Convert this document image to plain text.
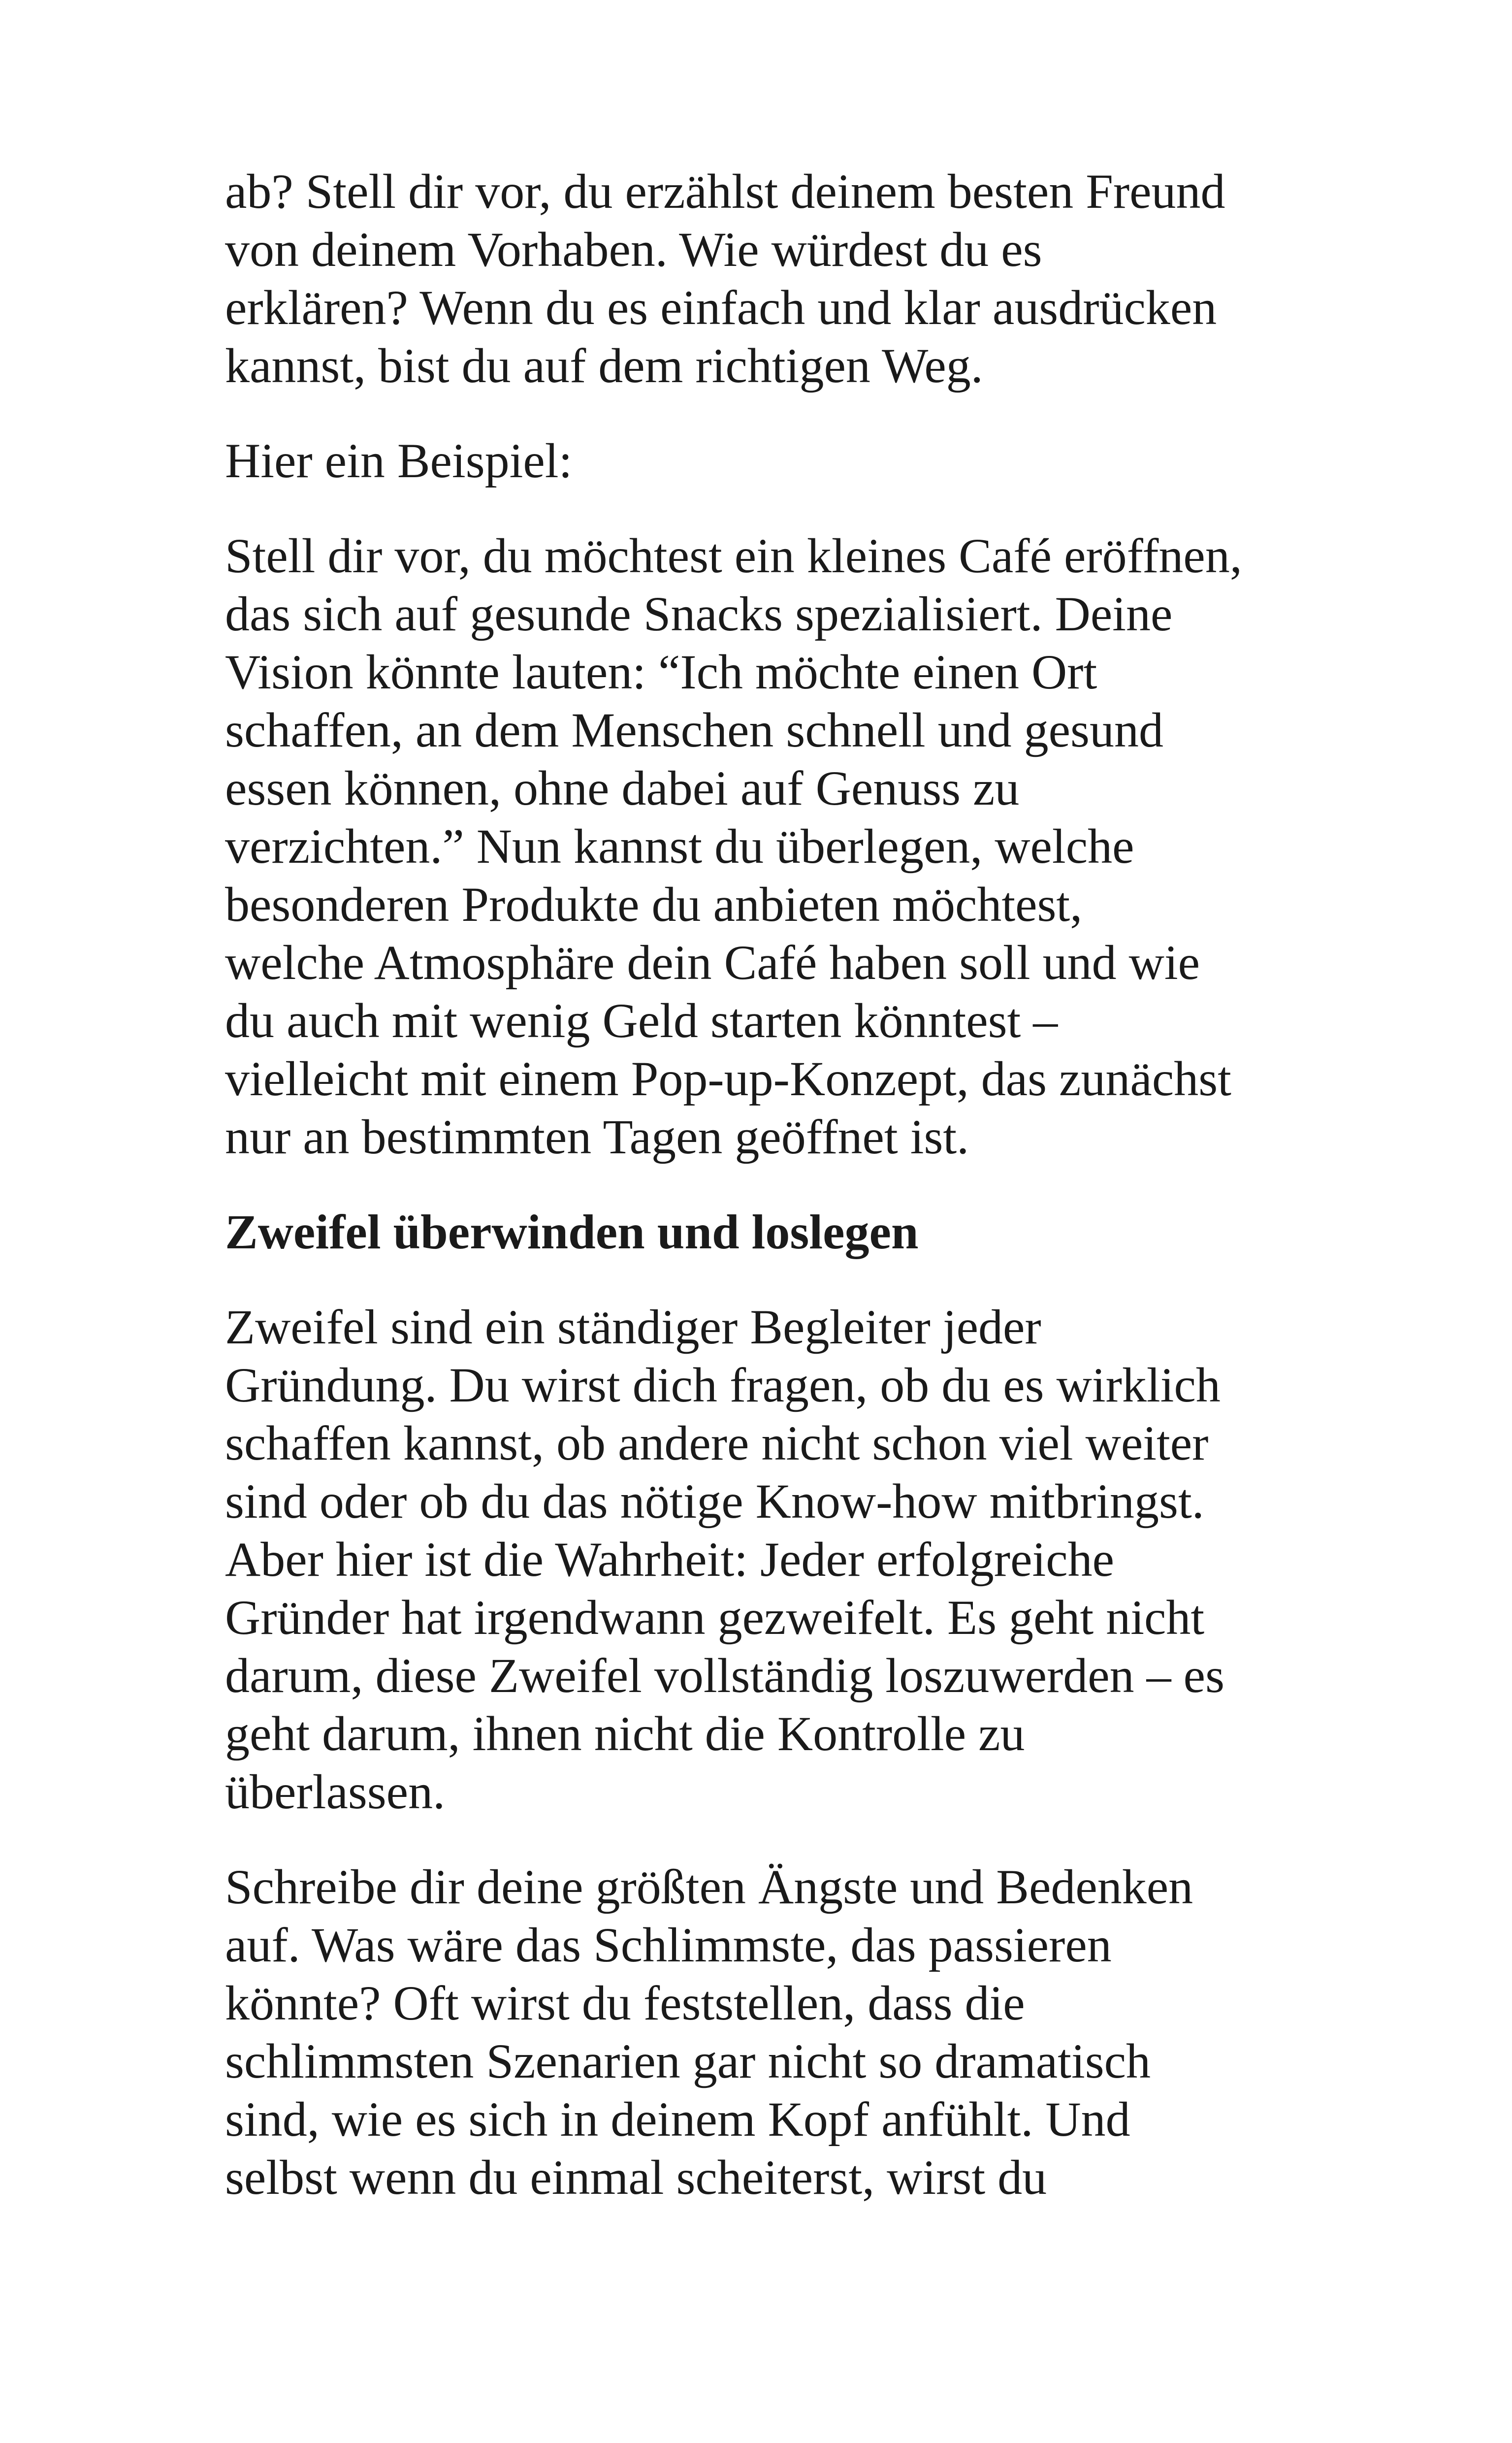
ab? Stell dir vor, du erzählst deinem besten Freund
von deinem Vorhaben. Wie würdest du es
erklären? Wenn du es einfach und klar ausdrücken
kannst, bist du auf dem richtigen Weg.

Hier ein Beispiel:

Stell dir vor, du möchtest ein kleines Café eröffnen,
das sich auf gesunde Snacks spezialisiert. Deine
Vision könnte lauten: “Ich möchte einen Ort
schaffen, an dem Menschen schnell und gesund
essen können, ohne dabei auf Genuss zu
verzichten.” Nun kannst du überlegen, welche
besonderen Produkte du anbieten möchtest,
welche Atmosphäre dein Café haben soll und wie
du auch mit wenig Geld starten könntest –
vielleicht mit einem Pop-up-Konzept, das zunächst
nur an bestimmten Tagen geöffnet ist.

Zweifel überwinden und loslegen

Zweifel sind ein ständiger Begleiter jeder
Gründung. Du wirst dich fragen, ob du es wirklich
schaffen kannst, ob andere nicht schon viel weiter
sind oder ob du das nötige Know-how mitbringst.
Aber hier ist die Wahrheit: Jeder erfolgreiche
Gründer hat irgendwann gezweifelt. Es geht nicht
darum, diese Zweifel vollständig loszuwerden – es
geht darum, ihnen nicht die Kontrolle zu
überlassen.

Schreibe dir deine größten Ängste und Bedenken
auf. Was wäre das Schlimmste, das passieren
könnte? Oft wirst du feststellen, dass die
schlimmsten Szenarien gar nicht so dramatisch
sind, wie es sich in deinem Kopf anfühlt. Und
selbst wenn du einmal scheiterst, wirst du
